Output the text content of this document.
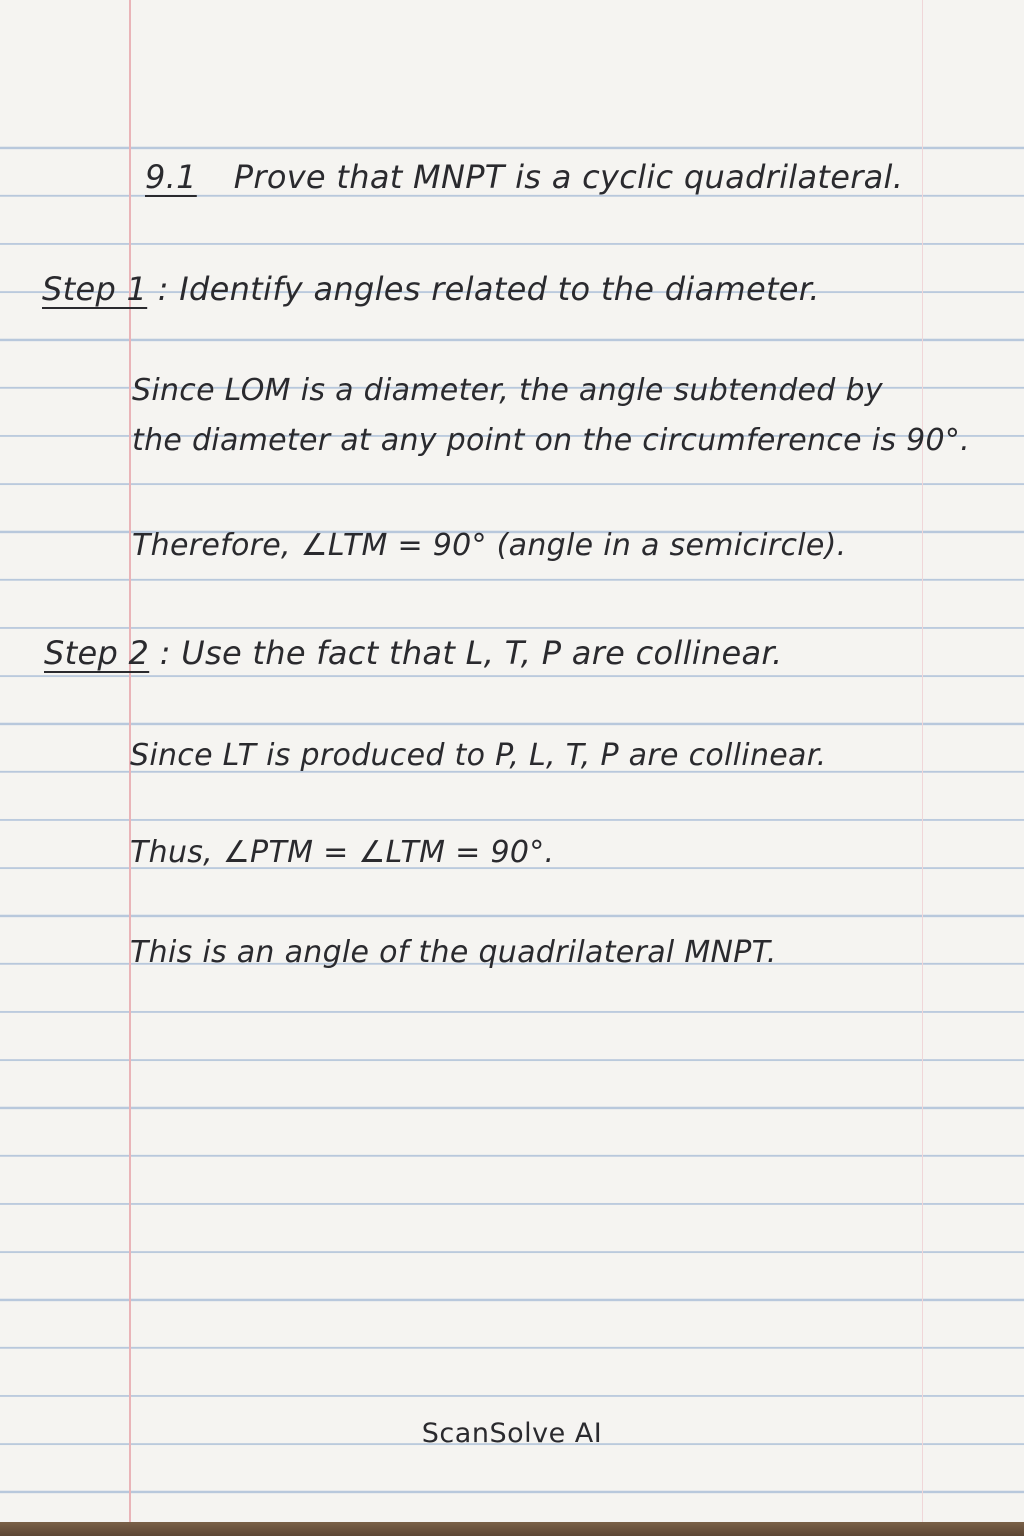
9.1 Prove that MNPT is a cyclic quadrilateral.
Step 1 : Identify angles related to the diameter.
Since LOM is a diameter, the angle subtended by
the diameter at any point on the circumference is 90°.
Therefore, ∠LTM = 90° (angle in a semicircle).
Step 2 : Use the fact that L, T, P are collinear.
Since LT is produced to P, L, T, P are collinear.
Thus, ∠PTM = ∠LTM = 90°.
This is an angle of the quadrilateral MNPT.
ScanSolve AI
